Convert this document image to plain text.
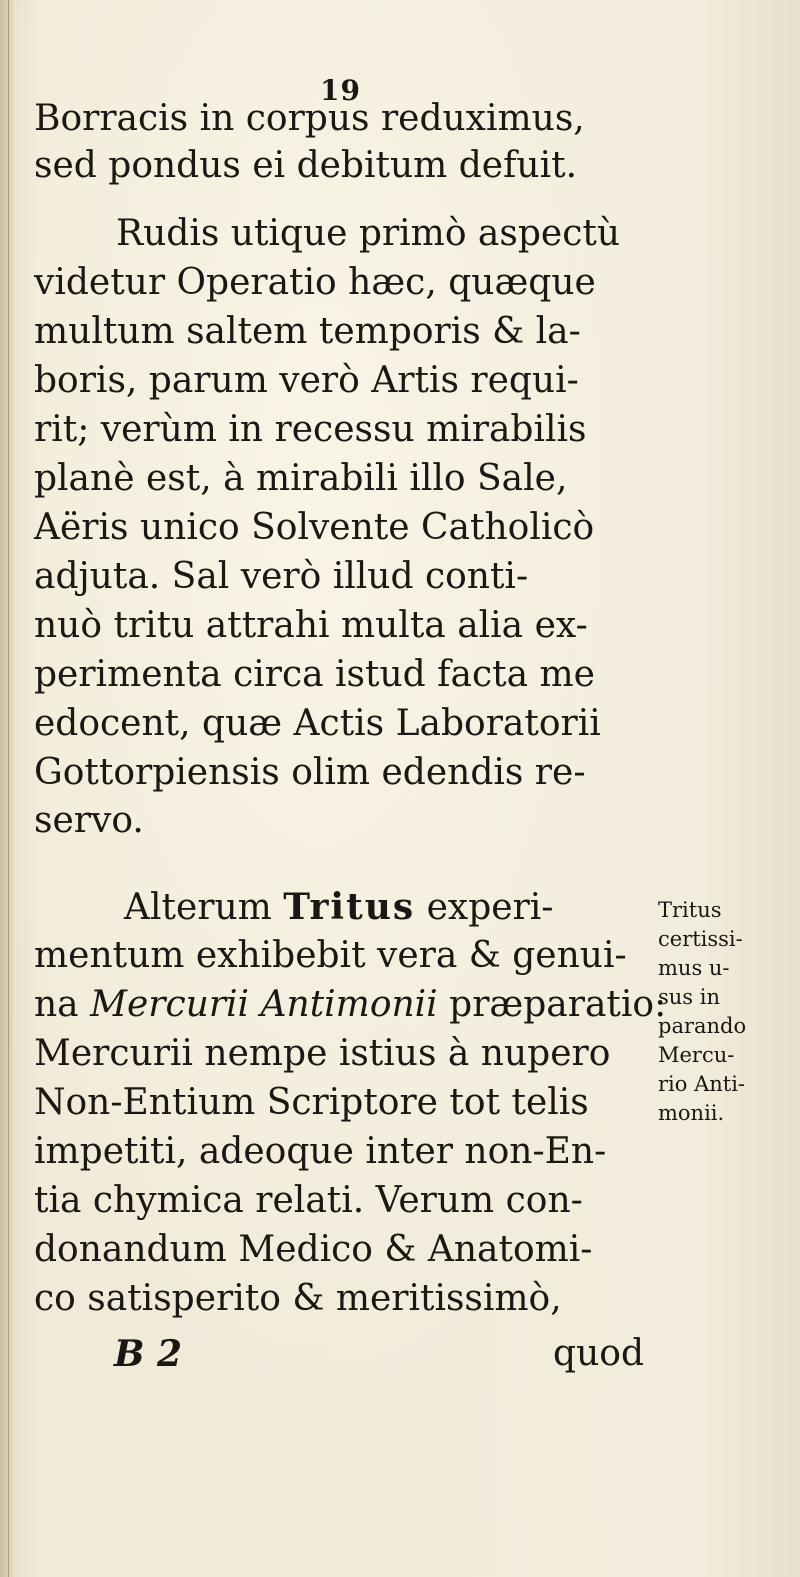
19
Borracis in corpus reduximus,
sed pondus ei debitum defuit.
Rudis utique primò aspectù
videtur Operatio hæc, quæque
multum saltem temporis & la-
boris, parum verò Artis requi-
rit; verùm in recessu mirabilis
planè est, à mirabili illo Sale,
Aëris unico Solvente Catholicò
adjuta. Sal verò illud conti-
nuò tritu attrahi multa alia ex-
perimenta circa istud facta me
edocent, quæ Actis Laboratorii
Gottorpiensis olim edendis re-
servo.
Alterum Tritus experi-
mentum exhibebit vera & genui-
na Mercurii Antimonii præparatio:
Mercurii nempe istius à nupero
Non-Entium Scriptore tot telis
impetiti, adeoque inter non-En-
tia chymica relati. Verum con-
donandum Medico & Anatomi-
co satisperito & meritissimò,
B 2	quod
Tritus
certissi-
mus u-
sus in
parando
Mercu-
rio Anti-
monii.
